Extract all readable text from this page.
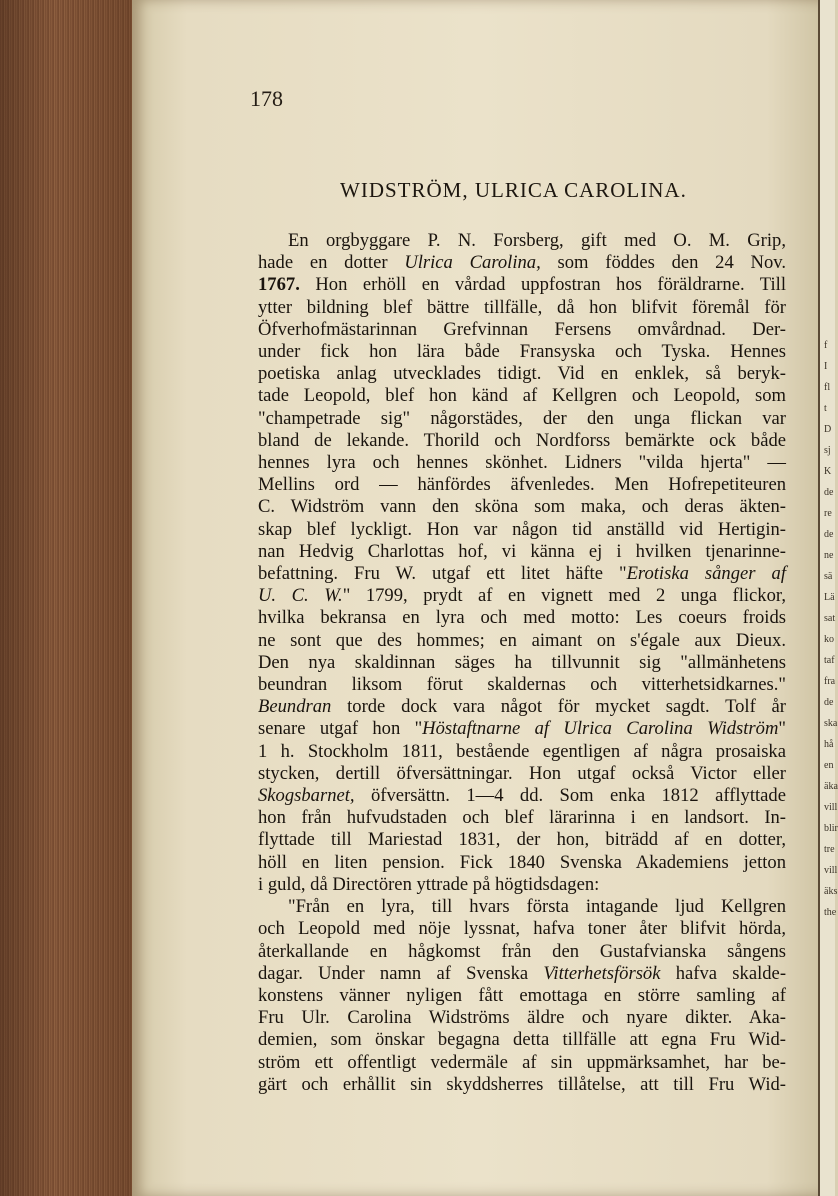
f
I
fl
t
D
sj
K
de
re
de
ne
sä
Lä
sat
ko
taf
fra
de
ska
hå
en
äka
vill
blir
tre
vill
äks
the
178
WIDSTRÖM, ULRICA CAROLINA.
En orgbyggare P. N. Forsberg, gift med O. M. Grip,
hade en dotter Ulrica Carolina, som föddes den 24 Nov.
1767. Hon erhöll en vårdad uppfostran hos föräldrarne. Till
ytter bildning blef bättre tillfälle, då hon blifvit föremål för
Öfverhofmästarinnan Grefvinnan Fersens omvårdnad. Der-
under fick hon lära både Fransyska och Tyska. Hennes
poetiska anlag utvecklades tidigt. Vid en enklek, så beryk-
tade Leopold, blef hon känd af Kellgren och Leopold, som
"champetrade sig" någorstädes, der den unga flickan var
bland de lekande. Thorild och Nordforss bemärkte ock både
hennes lyra och hennes skönhet. Lidners "vilda hjerta" —
Mellins ord — hänfördes äfvenledes. Men Hofrepetiteuren
C. Widström vann den sköna som maka, och deras äkten-
skap blef lyckligt. Hon var någon tid anställd vid Hertigin-
nan Hedvig Charlottas hof, vi känna ej i hvilken tjenarinne-
befattning. Fru W. utgaf ett litet häfte "Erotiska sånger af
U. C. W." 1799, prydt af en vignett med 2 unga flickor,
hvilka bekransa en lyra och med motto: Les coeurs froids
ne sont que des hommes; en aimant on s'égale aux Dieux.
Den nya skaldinnan säges ha tillvunnit sig "allmänhetens
beundran liksom förut skaldernas och vitterhetsidkarnes."
Beundran torde dock vara något för mycket sagdt. Tolf år
senare utgaf hon "Höstaftnarne af Ulrica Carolina Widström"
1 h. Stockholm 1811, bestående egentligen af några prosaiska
stycken, dertill öfversättningar. Hon utgaf också Victor eller
Skogsbarnet, öfversättn. 1—4 dd. Som enka 1812 afflyttade
hon från hufvudstaden och blef lärarinna i en landsort. In-
flyttade till Mariestad 1831, der hon, biträdd af en dotter,
höll en liten pension. Fick 1840 Svenska Akademiens jetton
i guld, då Directören yttrade på högtidsdagen:
"Från en lyra, till hvars första intagande ljud Kellgren
och Leopold med nöje lyssnat, hafva toner åter blifvit hörda,
återkallande en hågkomst från den Gustafvianska sångens
dagar. Under namn af Svenska Vitterhetsförsök hafva skalde-
konstens vänner nyligen fått emottaga en större samling af
Fru Ulr. Carolina Widströms äldre och nyare dikter. Aka-
demien, som önskar begagna detta tillfälle att egna Fru Wid-
ström ett offentligt vedermäle af sin uppmärksamhet, har be-
gärt och erhållit sin skyddsherres tillåtelse, att till Fru Wid-
